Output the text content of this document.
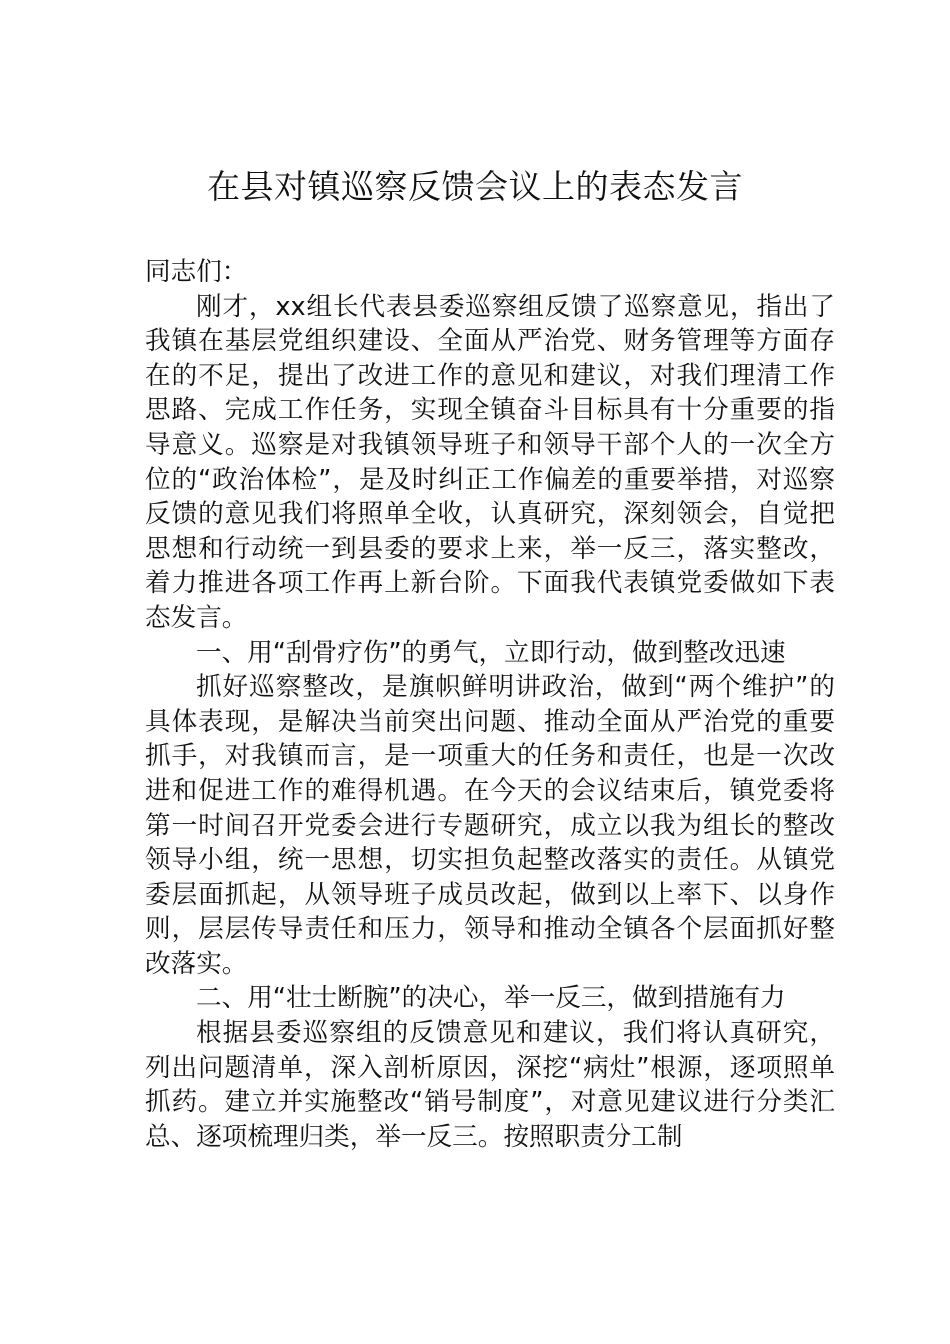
在县对镇巡察反馈会议上的表态发言

同志们：

刚才，xx组长代表县委巡察组反馈了巡察意见，指出了我镇在基层党组织建设、全面从严治党、财务管理等方面存在的不足，提出了改进工作的意见和建议，对我们理清工作思路、完成工作任务，实现全镇奋斗目标具有十分重要的指导意义。巡察是对我镇领导班子和领导干部个人的一次全方位的“政治体检”，是及时纠正工作偏差的重要举措，对巡察反馈的意见我们将照单全收，认真研究，深刻领会，自觉把思想和行动统一到县委的要求上来，举一反三，落实整改，着力推进各项工作再上新台阶。下面我代表镇党委做如下表态发言。

一、用“刮骨疗伤”的勇气，立即行动，做到整改迅速

抓好巡察整改，是旗帜鲜明讲政治，做到“两个维护”的具体表现，是解决当前突出问题、推动全面从严治党的重要抓手，对我镇而言，是一项重大的任务和责任，也是一次改进和促进工作的难得机遇。在今天的会议结束后，镇党委将第一时间召开党委会进行专题研究，成立以我为组长的整改领导小组，统一思想，切实担负起整改落实的责任。从镇党委层面抓起，从领导班子成员改起，做到以上率下、以身作则，层层传导责任和压力，领导和推动全镇各个层面抓好整改落实。

二、用“壮士断腕”的决心，举一反三，做到措施有力

根据县委巡察组的反馈意见和建议，我们将认真研究，列出问题清单，深入剖析原因，深挖“病灶”根源，逐项照单抓药。建立并实施整改“销号制度”，对意见建议进行分类汇总、逐项梳理归类，举一反三。按照职责分工制
